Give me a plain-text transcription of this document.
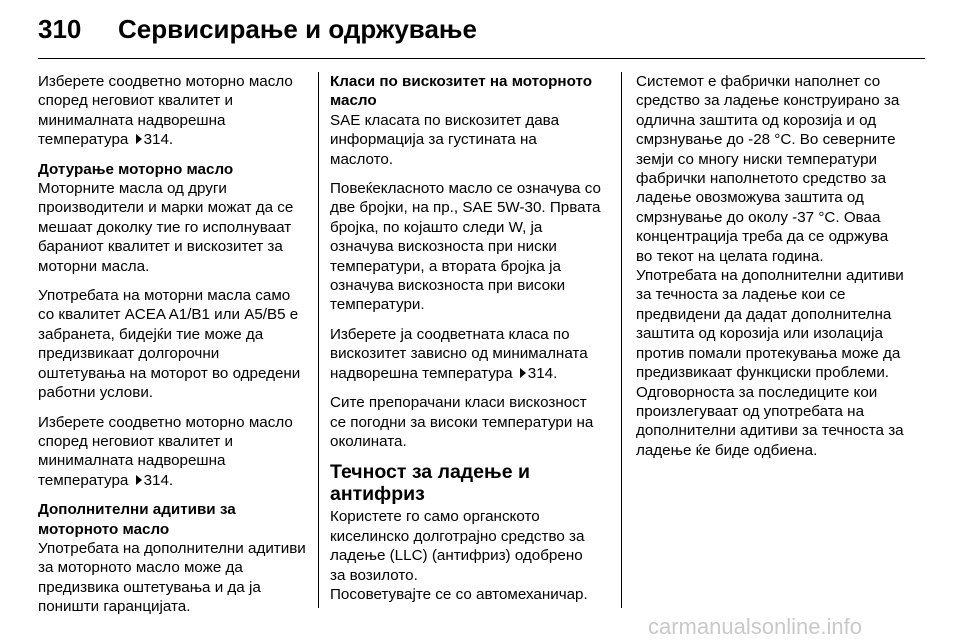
310 Сервисирање и одржување

Изберете соодветно моторно масло според неговиот квалитет и минималната надворешна температура 314.

Дотурање моторно масло

Моторните масла од други производители и марки можат да се мешаат доколку тие го исполнуваат бараниот квалитет и вискозитет за моторни масла.

Употребата на моторни масла само со квалитет ACEA A1/B1 или A5/B5 е забранета, бидејќи тие може да предизвикаат долгорочни оштетувања на моторот во одредени работни услови.

Изберете соодветно моторно масло според неговиот квалитет и минималната надворешна температура 314.

Дополнителни адитиви за моторното масло

Употребата на дополнителни адитиви за моторното масло може да предизвика оштетувања и да ја поништи гаранцијата.

Класи по вискозитет на моторното масло

SAE класата по вискозитет дава информација за густината на маслото.

Повеќекласното масло се означува со две бројки, на пр., SAE 5W-30. Првата бројка, по којашто следи W, ја означува вискозноста при ниски температури, а втората бројка ја означува вискозноста при високи температури.

Изберете ја соодветната класа по вискозитет зависно од минималната надворешна температура 314.

Сите препорачани класи вискозност се погодни за високи температури на околината.

Течност за ладење и антифриз

Користете го само органското киселинско долготрајно средство за ладење (LLC) (антифриз) одобрено за возилото.

Посоветувајте се со автомеханичар.

Системот е фабрички наполнет со средство за ладење конструирано за одлична заштита од корозија и од смрзнување до -28 °C. Во северните земји со многу ниски температури фабрички наполнетото средство за ладење овозможува заштита од смрзнување до околу -37 °C. Оваа концентрација треба да се одржува во текот на целата година.

Употребата на дополнителни адитиви за течноста за ладење кои се предвидени да дадат дополнителна заштита од корозија или изолација против помали протекувања може да предизвикаат функциски проблеми. Одговорноста за последиците кои произлегуваат од употребата на дополнителни адитиви за течноста за ладење ќе биде одбиена.

carmanualsonline.info
